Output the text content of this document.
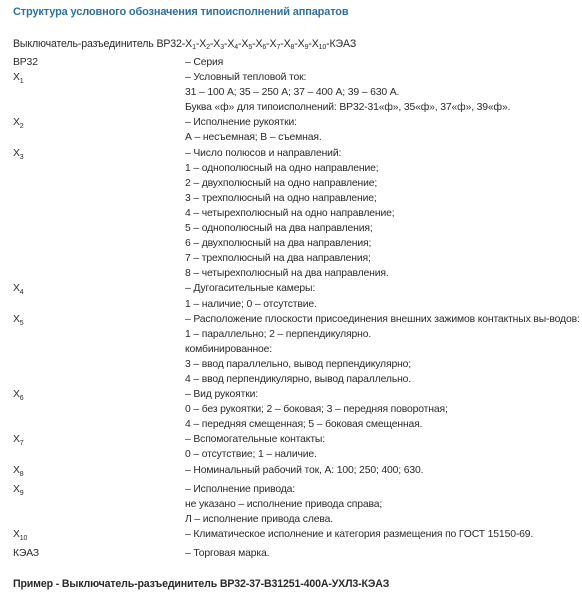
Структура условного обозначения типоисполнений аппаратов
Выключатель-разъединитель $ВР32-X_1-X_2-X_3-X_4-X_5-X_6-X_7-X_8-X_9-X_{10}$-КЭАЗ
ВР32	– Серия
$X_1$	– Условный тепловой ток:
31 – 100 А; 35 – 250 А; 37 – 400 А; 39 – 630 А.
Буква «ф» для типоисполнений: ВР32-31«ф», 35«ф», 37«ф», 39«ф».
$X_2$	– Исполнение рукоятки:
А – несъемная; В – съемная.
$X_3$	– Число полюсов и направлений:
1 – однополюсный на одно направление;
2 – двухполюсный на одно направление;
3 – трехполюсный на одно направление;
4 – четырехполюсный на одно направление;
5 – однополюсный на два направления;
6 – двухполюсный на два направления;
7 – трехполюсный на два направления;
8 – четырехполюсный на два направления.
$X_4$	– Дугогасительные камеры:
1 – наличие; 0 – отсутствие.
$X_5$	– Расположение плоскости присоединения внешних зажимов контактных вы-водов:
1 – параллельно; 2 – перпендикулярно.
комбинированное:
3 – ввод параллельно, вывод перпендикулярно;
4 – ввод перпендикулярно, вывод параллельно.
$X_6$	– Вид рукоятки:
0 – без рукоятки; 2 – боковая; 3 – передняя поворотная;
4 – передняя смещенная; 5 – боковая смещенная.
$X_7$	– Вспомогательные контакты:
0 – отсутствие; 1 – наличие.
$X_8$	– Номинальный рабочий ток, А: 100; 250; 400; 630.
$X_9$	– Исполнение привода:
не указано – исполнение привода справа;
Л – исполнение привода слева.
$X_{10}$	– Климатическое исполнение и категория размещения по ГОСТ 15150-69.
КЭАЗ	– Торговая марка.
Пример - Выключатель-разъединитель ВР32-37-В31251-400А-УХЛ3-КЭАЗ
